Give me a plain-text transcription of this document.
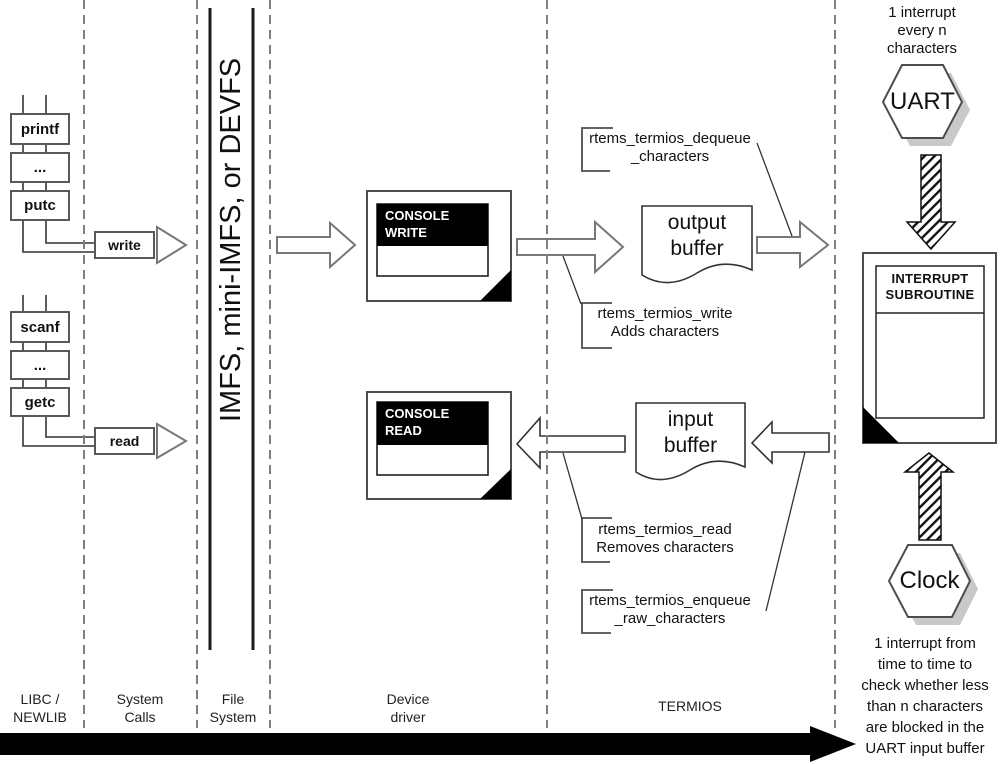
printf
...
putc
scanf
...
getc
write
read
IMFS, mini-IMFS, or DEVFS	CONSOLE
WRITE
CONSOLE
READ
output
buffer
input
buffer
rtems_termios_dequeue
_characters
rtems_termios_write
Adds characters
rtems_termios_read
Removes characters
rtems_termios_enqueue
_raw_characters
1 interrupt
every n
characters
UART
INTERRUPT
SUBROUTINE
Clock
1 interrupt from
time to time to
check whether less
than n characters
are blocked in the
UART input buffer
LIBC /
NEWLIB
System
Calls
File
System
Device
driver
TERMIOS
